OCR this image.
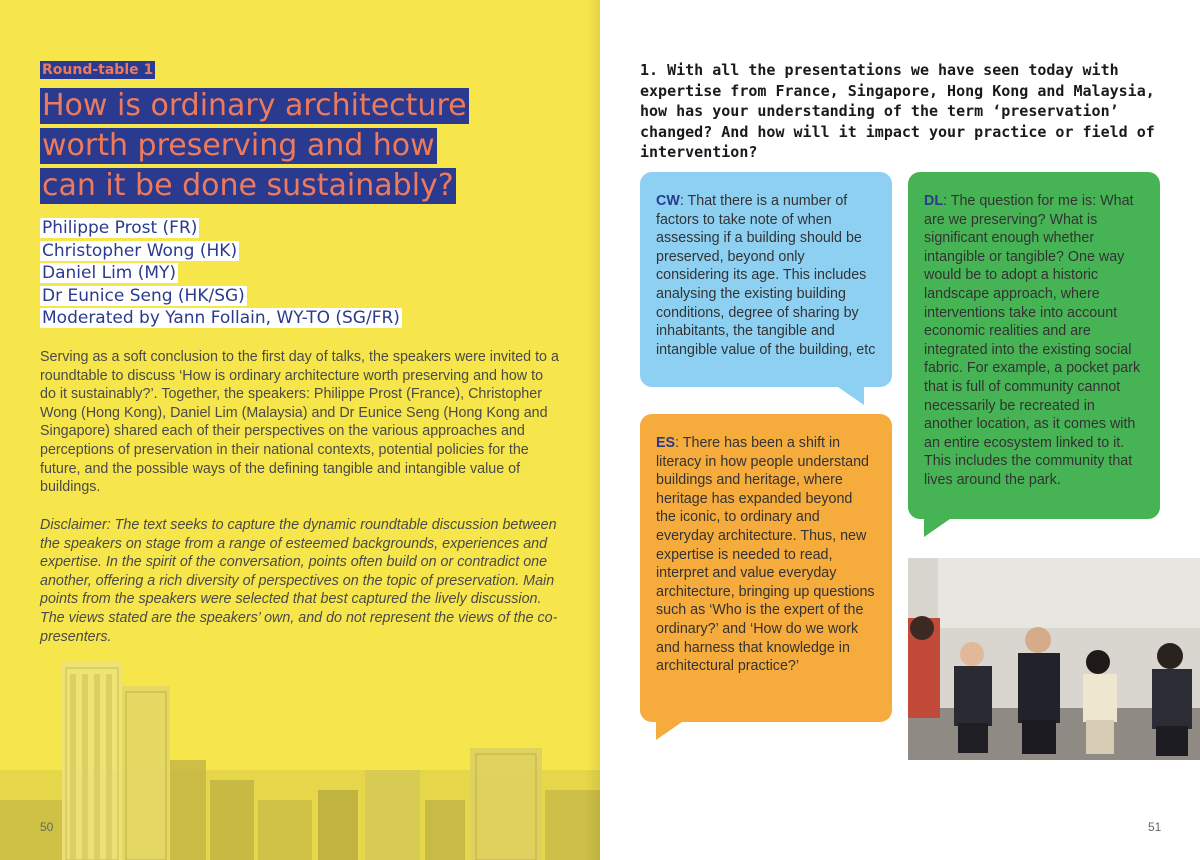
Round-table 1
How is ordinary architecture
worth preserving and how
can it be done sustainably?
Philippe Prost (FR)
Christopher Wong (HK)
Daniel Lim (MY)
Dr Eunice Seng (HK/SG)
Moderated by Yann Follain, WY-TO (SG/FR)

Serving as a soft conclusion to the first day of talks, the speakers were invited to a roundtable to discuss ‘How is ordinary architecture worth preserving and how to do it sustainably?’. Together, the speakers: Philippe Prost (France), Christopher Wong (Hong Kong), Daniel Lim (Malaysia) and Dr Eunice Seng (Hong Kong and Singapore) shared each of their perspectives on the various approaches and perceptions of preservation in their national contexts, potential policies for the future, and the possible ways of the defining tangible and intangible value of buildings.

Disclaimer: The text seeks to capture the dynamic roundtable discussion between the speakers on stage from a range of esteemed backgrounds, experiences and expertise. In the spirit of the conversation, points often build on or contradict one another, offering a rich diversity of perspectives on the topic of preservation. Main points from the speakers were selected that best captured the lively discussion. The views stated are the speakers’ own, and do not represent the views of the co-presenters.

50
1. With all the presentations we have seen today with expertise from France, Singapore, Hong Kong and Malaysia, how has your understanding of the term ‘preservation’ changed? And how will it impact your practice or field of intervention?
CW: That there is a number of factors to take note of when assessing if a building should be preserved, beyond only considering its age. This includes analysing the existing building conditions, degree of sharing by inhabitants, the tangible and intangible value of the building, etc
ES: There has been a shift in literacy in how people understand buildings and heritage, where heritage has expanded beyond the iconic, to ordinary and everyday architecture. Thus, new expertise is needed to read, interpret and value everyday architecture, bringing up questions such as ‘Who is the expert of the ordinary?’ and ‘How do we work and harness that knowledge in architectural practice?’
DL: The question for me is: What are we preserving? What is significant enough whether intangible or tangible? One way would be to adopt a historic landscape approach, where interventions take into account economic realities and are integrated into the existing social fabric. For example, a pocket park that is full of community cannot necessarily be recreated in another location, as it comes with an entire ecosystem linked to it. This includes the community that lives around the park.
51
